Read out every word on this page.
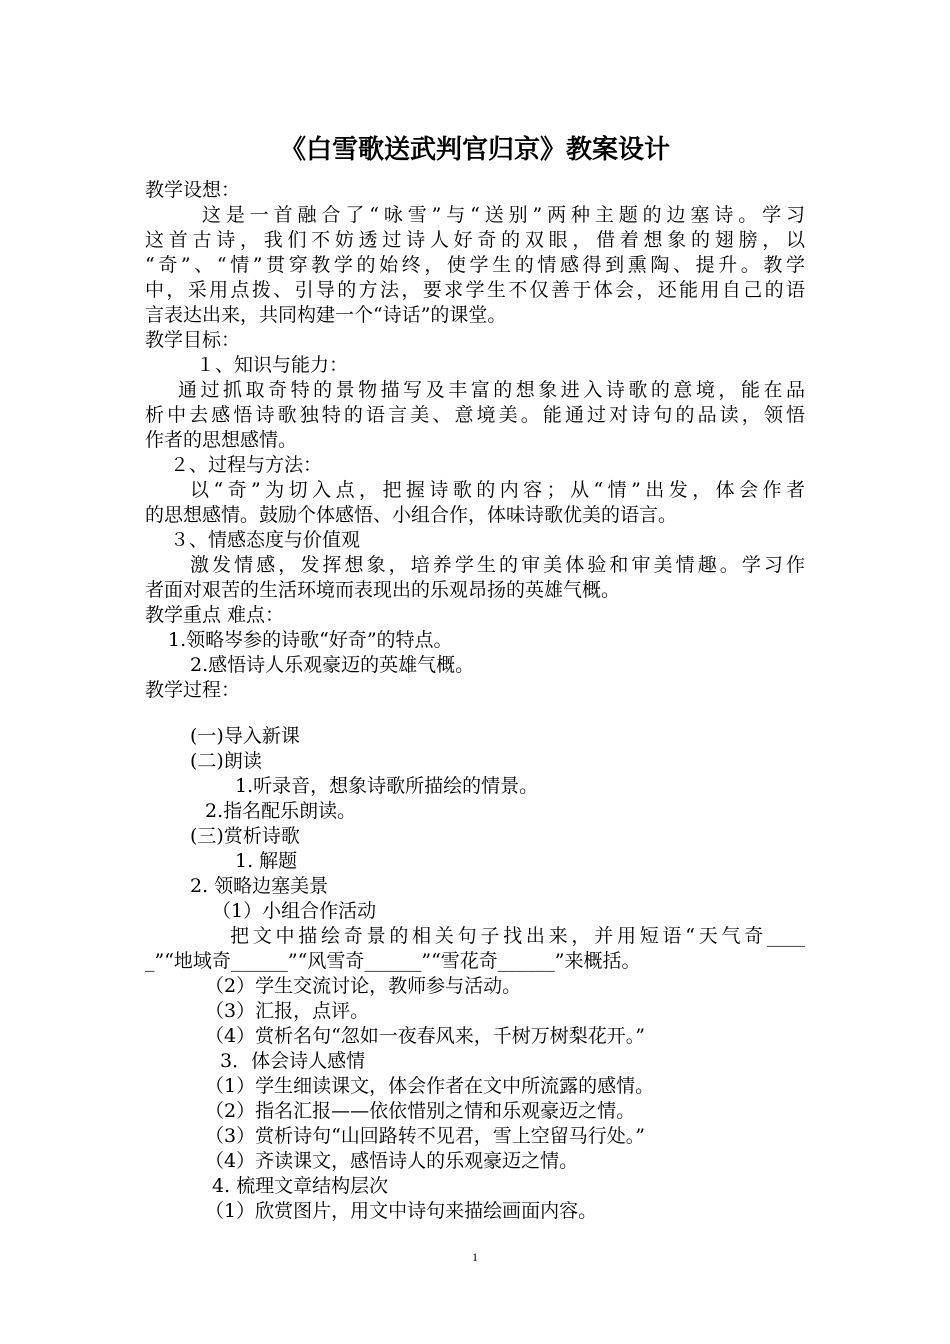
《白雪歌送武判官归京》教案设计
教学设想：
这是一首融合了“咏雪”与“送别”两种主题的边塞诗。学习
这首古诗，我们不妨透过诗人好奇的双眼，借着想象的翅膀，以
“奇”、“情”贯穿教学的始终，使学生的情感得到熏陶、提升。教学
中，采用点拨、引导的方法，要求学生不仅善于体会，还能用自己的语
言表达出来，共同构建一个“诗话”的课堂。
教学目标：
１、知识与能力：
通过抓取奇特的景物描写及丰富的想象进入诗歌的意境，能在品
析中去感悟诗歌独特的语言美、意境美。能通过对诗句的品读，领悟
作者的思想感情。
２、过程与方法：
以“奇”为切入点，把握诗歌的内容；从“情”出发，体会作者
的思想感情。鼓励个体感悟、小组合作，体味诗歌优美的语言。
３、情感态度与价值观
激发情感，发挥想象，培养学生的审美体验和审美情趣。学习作
者面对艰苦的生活环境而表现出的乐观昂扬的英雄气概。
教学重点 难点：
1.领略岑参的诗歌“好奇”的特点。
2.感悟诗人乐观豪迈的英雄气概。
教学过程：
(一)导入新课
(二)朗读
1.听录音，想象诗歌所描绘的情景。
2.指名配乐朗读。
(三)赏析诗歌
1. 解题
2. 领略边塞美景
（1）小组合作活动
把文中描绘奇景的相关句子找出来，并用短语“天气奇____
_”“地域奇______”“风雪奇______”“雪花奇______”来概括。
（2）学生交流讨论，教师参与活动。
（3）汇报，点评。
（4）赏析名句“忽如一夜春风来，千树万树梨花开。”
3．体会诗人感情
（1）学生细读课文，体会作者在文中所流露的感情。
（2）指名汇报——依依惜别之情和乐观豪迈之情。
（3）赏析诗句“山回路转不见君，雪上空留马行处。”
（4）齐读课文，感悟诗人的乐观豪迈之情。
4. 梳理文章结构层次
（1）欣赏图片，用文中诗句来描绘画面内容。
1
